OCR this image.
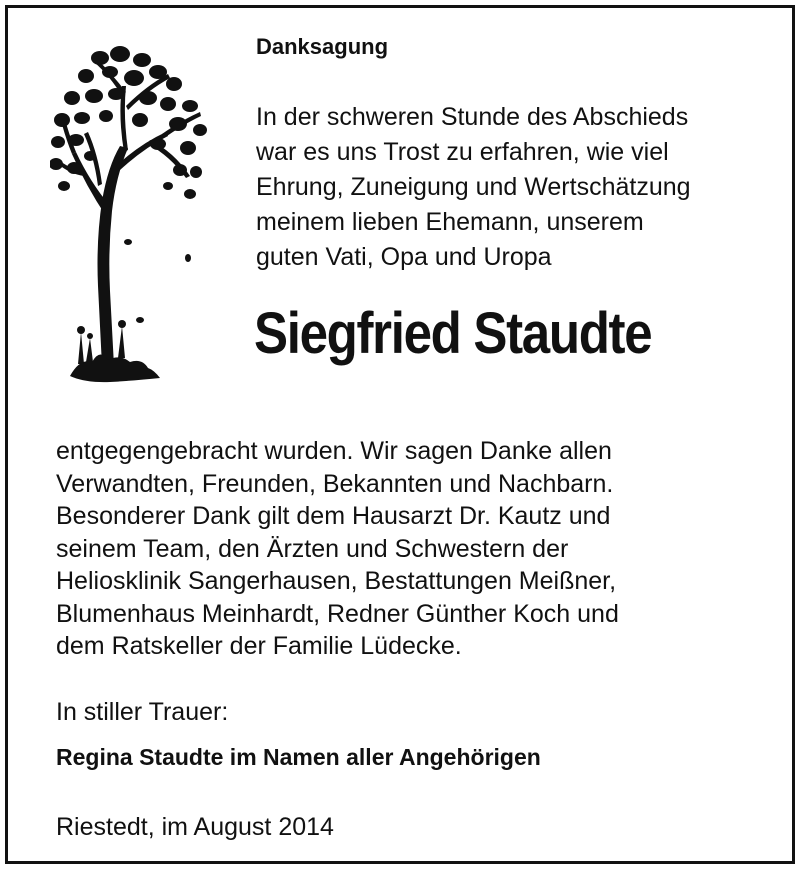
Danksagung

In der schweren Stunde des Abschieds
war es uns Trost zu erfahren, wie viel
Ehrung, Zuneigung und Wertschätzung
meinem lieben Ehemann, unserem
guten Vati, Opa und Uropa

Siegfried Staudte

entgegengebracht wurden. Wir sagen Danke allen
Verwandten, Freunden, Bekannten und Nachbarn.
Besonderer Dank gilt dem Hausarzt Dr. Kautz und
seinem Team, den Ärzten und Schwestern der
Heliosklinik Sangerhausen, Bestattungen Meißner,
Blumenhaus Meinhardt, Redner Günther Koch und
dem Ratskeller der Familie Lüdecke.

In stiller Trauer:

Regina Staudte im Namen aller Angehörigen

Riestedt, im August 2014
